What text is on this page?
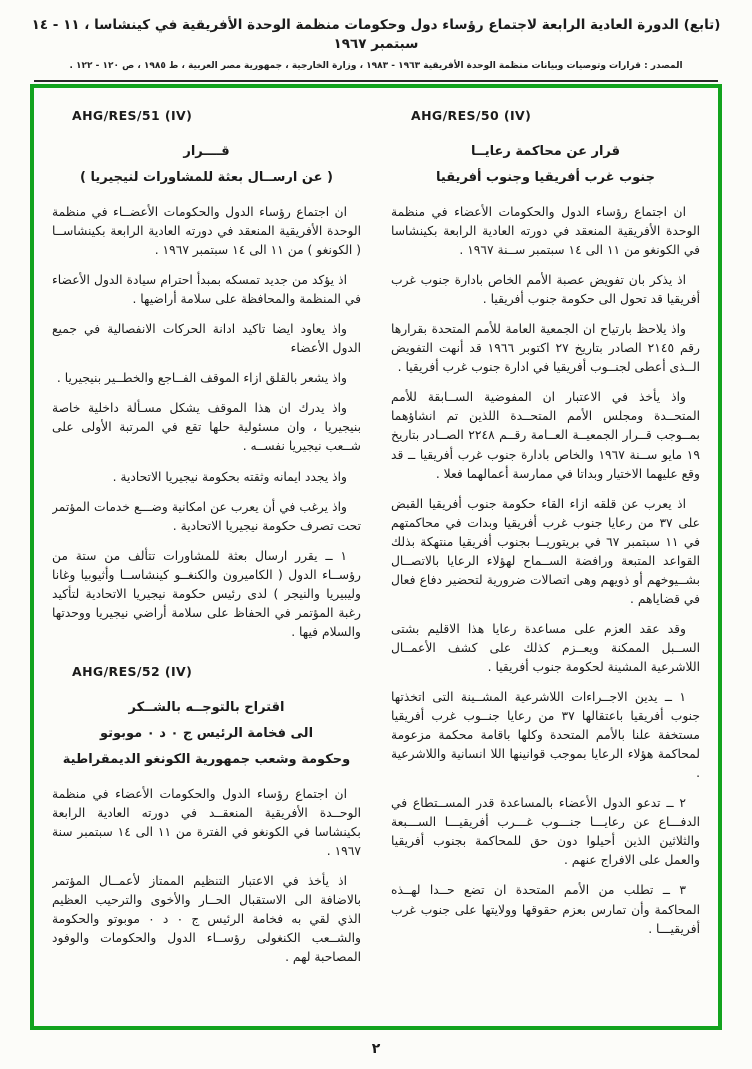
(تابع) الدورة العادية الرابعة لاجتماع رؤساء دول وحكومات منظمة الوحدة الأفريقية في كينشاسا ، ١١ - ١٤ سبتمبر ١٩٦٧
المصدر : قرارات وتوصيات وبيانات منظمة الوحدة الأفريقية ١٩٦٣ - ١٩٨٣ ، وزارة الخارجية ، جمهورية مصر العربية ، ط ١٩٨٥ ، ص ١٢٠ - ١٢٢ .
AHG/RES/50 (IV)
قرار عن محاكمة رعايــا
جنوب غرب أفريقيا وجنوب أفريقيا

ان اجتماع رؤساء الدول والحكومات الأعضاء في منظمة الوحدة الأفريقية المنعقد في دورته العادية الرابعة بكينشاسا في الكونغو من ١١ الى ١٤ سبتمبر ســنة ١٩٦٧ .

اذ يذكر بان تفويض عصبة الأمم الخاص بادارة جنوب غرب أفريقيا قد تحول الى حكومة جنوب أفريقيا .

واذ يلاحظ بارتياح ان الجمعية العامة للأمم المتحدة بقرارها رقم ٢١٤٥ الصادر بتاريخ ٢٧ اكتوبر ١٩٦٦ قد أنهت التفويض الــذى أعطى لجنــوب أفريقيا في ادارة جنوب غرب أفريقيا .

واذ يأخذ في الاعتبار ان المفوضية الســابقة للأمم المتحــدة ومجلس الأمم المتحــدة اللذين تم انشاؤهما بمــوجب قــرار الجمعيــة العــامة رقــم ٢٢٤٨ الصــادر بتاريخ ١٩ مايو ســنة ١٩٦٧ والخاص بادارة جنوب غرب أفريقيا ــ قد وقع عليهما الاختيار وبداتا في ممارسة أعمالهما فعلا .

اذ يعرب عن قلقه ازاء القاء حكومة جنوب أفريقيا القبض على ٣٧ من رعايا جنوب غرب أفريقيا وبدات في محاكمتهم في ١١ سبتمبر ٦٧ في بريتوريــا بجنوب أفريقيا منتهكة بذلك القواعد المتبعة ورافضة الســماح لهؤلاء الرعايا بالاتصــال بشــيوخهم أو ذويهم وهى اتصالات ضرورية لتحضير دفاع فعال في قضاياهم .

وقد عقد العزم على مساعدة رعايا هذا الاقليم بشتى الســبل الممكنة ويعــزم كذلك على كشف الأعمــال اللاشرعية المشينة لحكومة جنوب أفريقيا .

١ ــ يدين الاجــراءات اللاشرعية المشــينة التى اتخذتها جنوب أفريقيا باعتقالها ٣٧ من رعايا جنــوب غرب أفريقيا مستخفة علنا بالأمم المتحدة وكلها باقامة محكمة مزعومة لمحاكمة هؤلاء الرعايا بموجب قوانينها اللا انسانية واللاشرعية .

٢ ــ تدعو الدول الأعضاء بالمساعدة قدر المســتطاع في الدفـــاع عن رعايـــا جنـــوب غـــرب أفريقيـــا الســـبعة والثلاثين الذين أحيلوا دون حق للمحاكمة بجنوب أفريقيا والعمل على الافراج عنهم .

٣ ــ تطلب من الأمم المتحدة ان تضع حــدا لهــذه المحاكمة وأن تمارس بعزم حقوقها وولايتها على جنوب غرب أفريقيـــا .

AHG/RES/51 (IV)
قــــرار
( عن ارســال بعثة للمشاورات لنيجيريا )

ان اجتماع رؤساء الدول والحكومات الأعضــاء في منظمة الوحدة الأفريقية المنعقد في دورته العادية الرابعة بكينشاســا ( الكونغو ) من ١١ الى ١٤ سبتمبر ١٩٦٧ .

اذ يؤكد من جديد تمسكه بمبدأ احترام سيادة الدول الأعضاء في المنظمة والمحافظة على سلامة أراضيها .

واذ يعاود ايضا تاكيد ادانة الحركات الانفصالية في جميع الدول الأعضاء

واذ يشعر بالقلق ازاء الموقف الفــاجع والخطــير بنيجيريا .

واذ يدرك ان هذا الموقف يشكل مسـألة داخلية خاصة بنيجيريا ، وان مسئولية حلها تقع في المرتبة الأولى على شــعب نيجيريا نفســه .

واذ يجدد ايمانه وثقته بحكومة نيجيريا الاتحادية .

واذ يرغب في أن يعرب عن امكانية وضـــع خدمات المؤتمر تحت تصرف حكومة نيجيريا الاتحادية .

١ ــ يقرر ارسال بعثة للمشاورات تتألف من ستة من رؤســاء الدول ( الكاميرون والكنغــو كينشاســا وأثيوبيا وغانا وليبيريا والنيجر ) لدى رئيس حكومة نيجيريا الاتحادية لتأكيد رغبة المؤتمر في الحفاظ على سلامة أراضي نيجيريا ووحدتها والسلام فيها .

AHG/RES/52 (IV)
اقتراح بالتوجــه بالشــكر
الى فخامة الرئيس ج ٠ د ٠ موبوتو
وحكومة وشعب جمهورية الكونغو الديمقراطية

ان اجتماع رؤساء الدول والحكومات الأعضاء في منظمة الوحــدة الأفريقية المنعقــد في دورته العادية الرابعة بكينشاسا في الكونغو في الفترة من ١١ الى ١٤ سبتمبر سنة ١٩٦٧ .

اذ يأخذ في الاعتبار التنظيم الممتاز لأعمــال المؤتمر بالاضافة الى الاستقبال الحــار والأخوى والترحيب العظيم الذي لقي به فخامة الرئيس ج ٠ د ٠ موبوتو والحكومة والشــعب الكنغولى رؤســاء الدول والحكومات والوفود المصاحبة لهم .

٢
